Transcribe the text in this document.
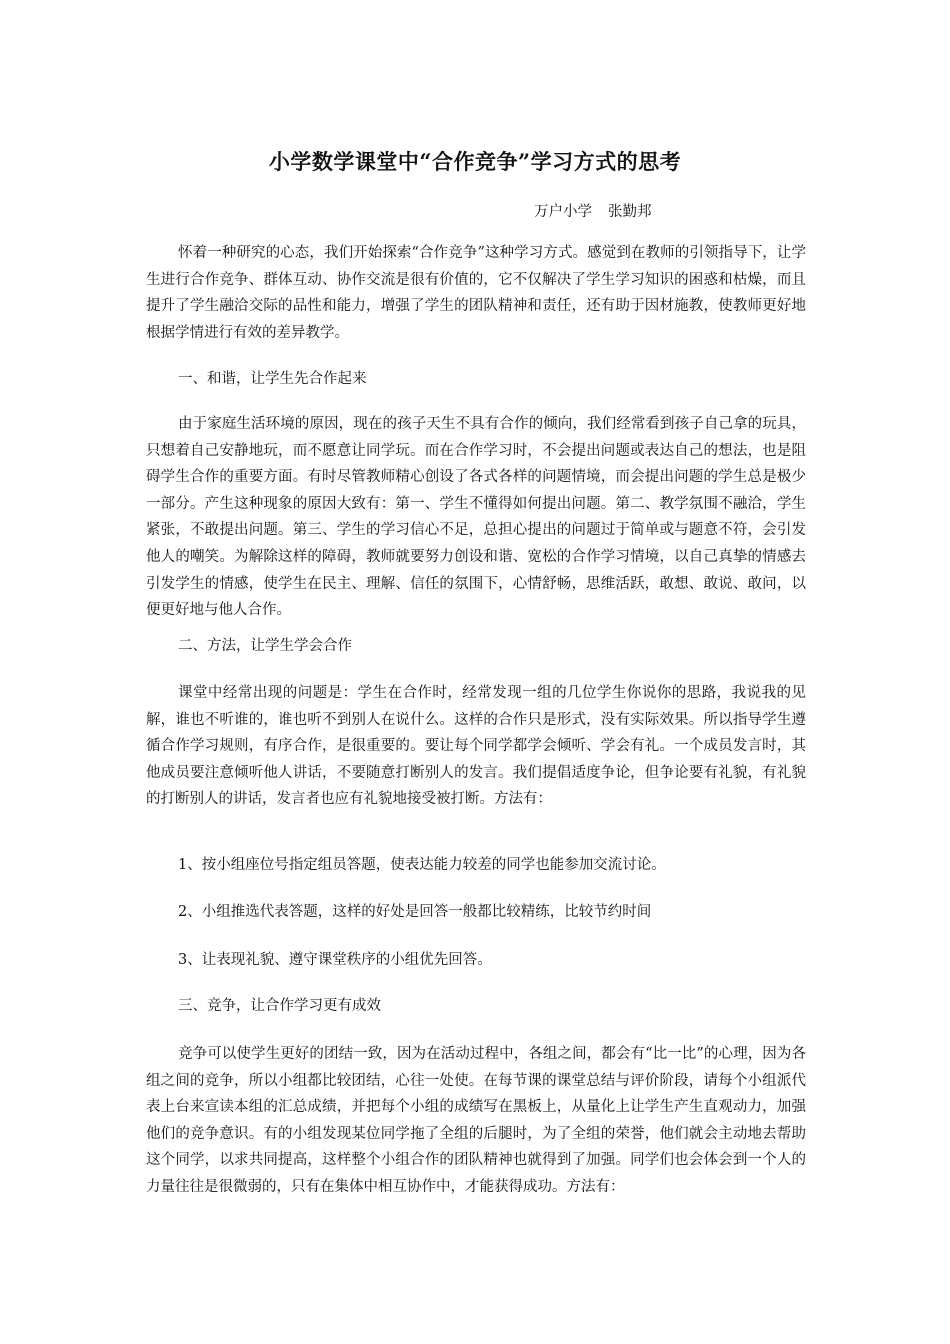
小学数学课堂中“合作竞争”学习方式的思考
万户小学 张勤邦

怀着一种研究的心态，我们开始探索“合作竞争”这种学习方式。感觉到在教师的引领指导下，让学生进行合作竞争、群体互动、协作交流是很有价值的，它不仅解决了学生学习知识的困惑和枯燥，而且提升了学生融洽交际的品性和能力，增强了学生的团队精神和责任，还有助于因材施教，使教师更好地根据学情进行有效的差异教学。

一、和谐，让学生先合作起来

由于家庭生活环境的原因，现在的孩子天生不具有合作的倾向，我们经常看到孩子自己拿的玩具，只想着自己安静地玩，而不愿意让同学玩。而在合作学习时，不会提出问题或表达自己的想法，也是阻碍学生合作的重要方面。有时尽管教师精心创设了各式各样的问题情境，而会提出问题的学生总是极少一部分。产生这种现象的原因大致有：第一、学生不懂得如何提出问题。第二、教学氛围不融洽，学生紧张，不敢提出问题。第三、学生的学习信心不足，总担心提出的问题过于简单或与题意不符，会引发他人的嘲笑。为解除这样的障碍，教师就要努力创设和谐、宽松的合作学习情境，以自己真挚的情感去引发学生的情感，使学生在民主、理解、信任的氛围下，心情舒畅，思维活跃，敢想、敢说、敢问，以便更好地与他人合作。

二、方法，让学生学会合作

课堂中经常出现的问题是：学生在合作时，经常发现一组的几位学生你说你的思路，我说我的见解，谁也不听谁的，谁也听不到别人在说什么。这样的合作只是形式，没有实际效果。所以指导学生遵循合作学习规则，有序合作，是很重要的。要让每个同学都学会倾听、学会有礼。一个成员发言时，其他成员要注意倾听他人讲话，不要随意打断别人的发言。我们提倡适度争论，但争论要有礼貌，有礼貌的打断别人的讲话，发言者也应有礼貌地接受被打断。方法有：

1、按小组座位号指定组员答题，使表达能力较差的同学也能参加交流讨论。

2、小组推选代表答题，这样的好处是回答一般都比较精练，比较节约时间

3、让表现礼貌、遵守课堂秩序的小组优先回答。

三、竞争，让合作学习更有成效

竞争可以使学生更好的团结一致，因为在活动过程中，各组之间，都会有“比一比”的心理，因为各组之间的竞争，所以小组都比较团结，心往一处使。在每节课的课堂总结与评价阶段，请每个小组派代表上台来宣读本组的汇总成绩，并把每个小组的成绩写在黑板上，从量化上让学生产生直观动力，加强他们的竞争意识。有的小组发现某位同学拖了全组的后腿时，为了全组的荣誉，他们就会主动地去帮助这个同学，以求共同提高，这样整个小组合作的团队精神也就得到了加强。同学们也会体会到一个人的力量往往是很微弱的，只有在集体中相互协作中，才能获得成功。方法有：
